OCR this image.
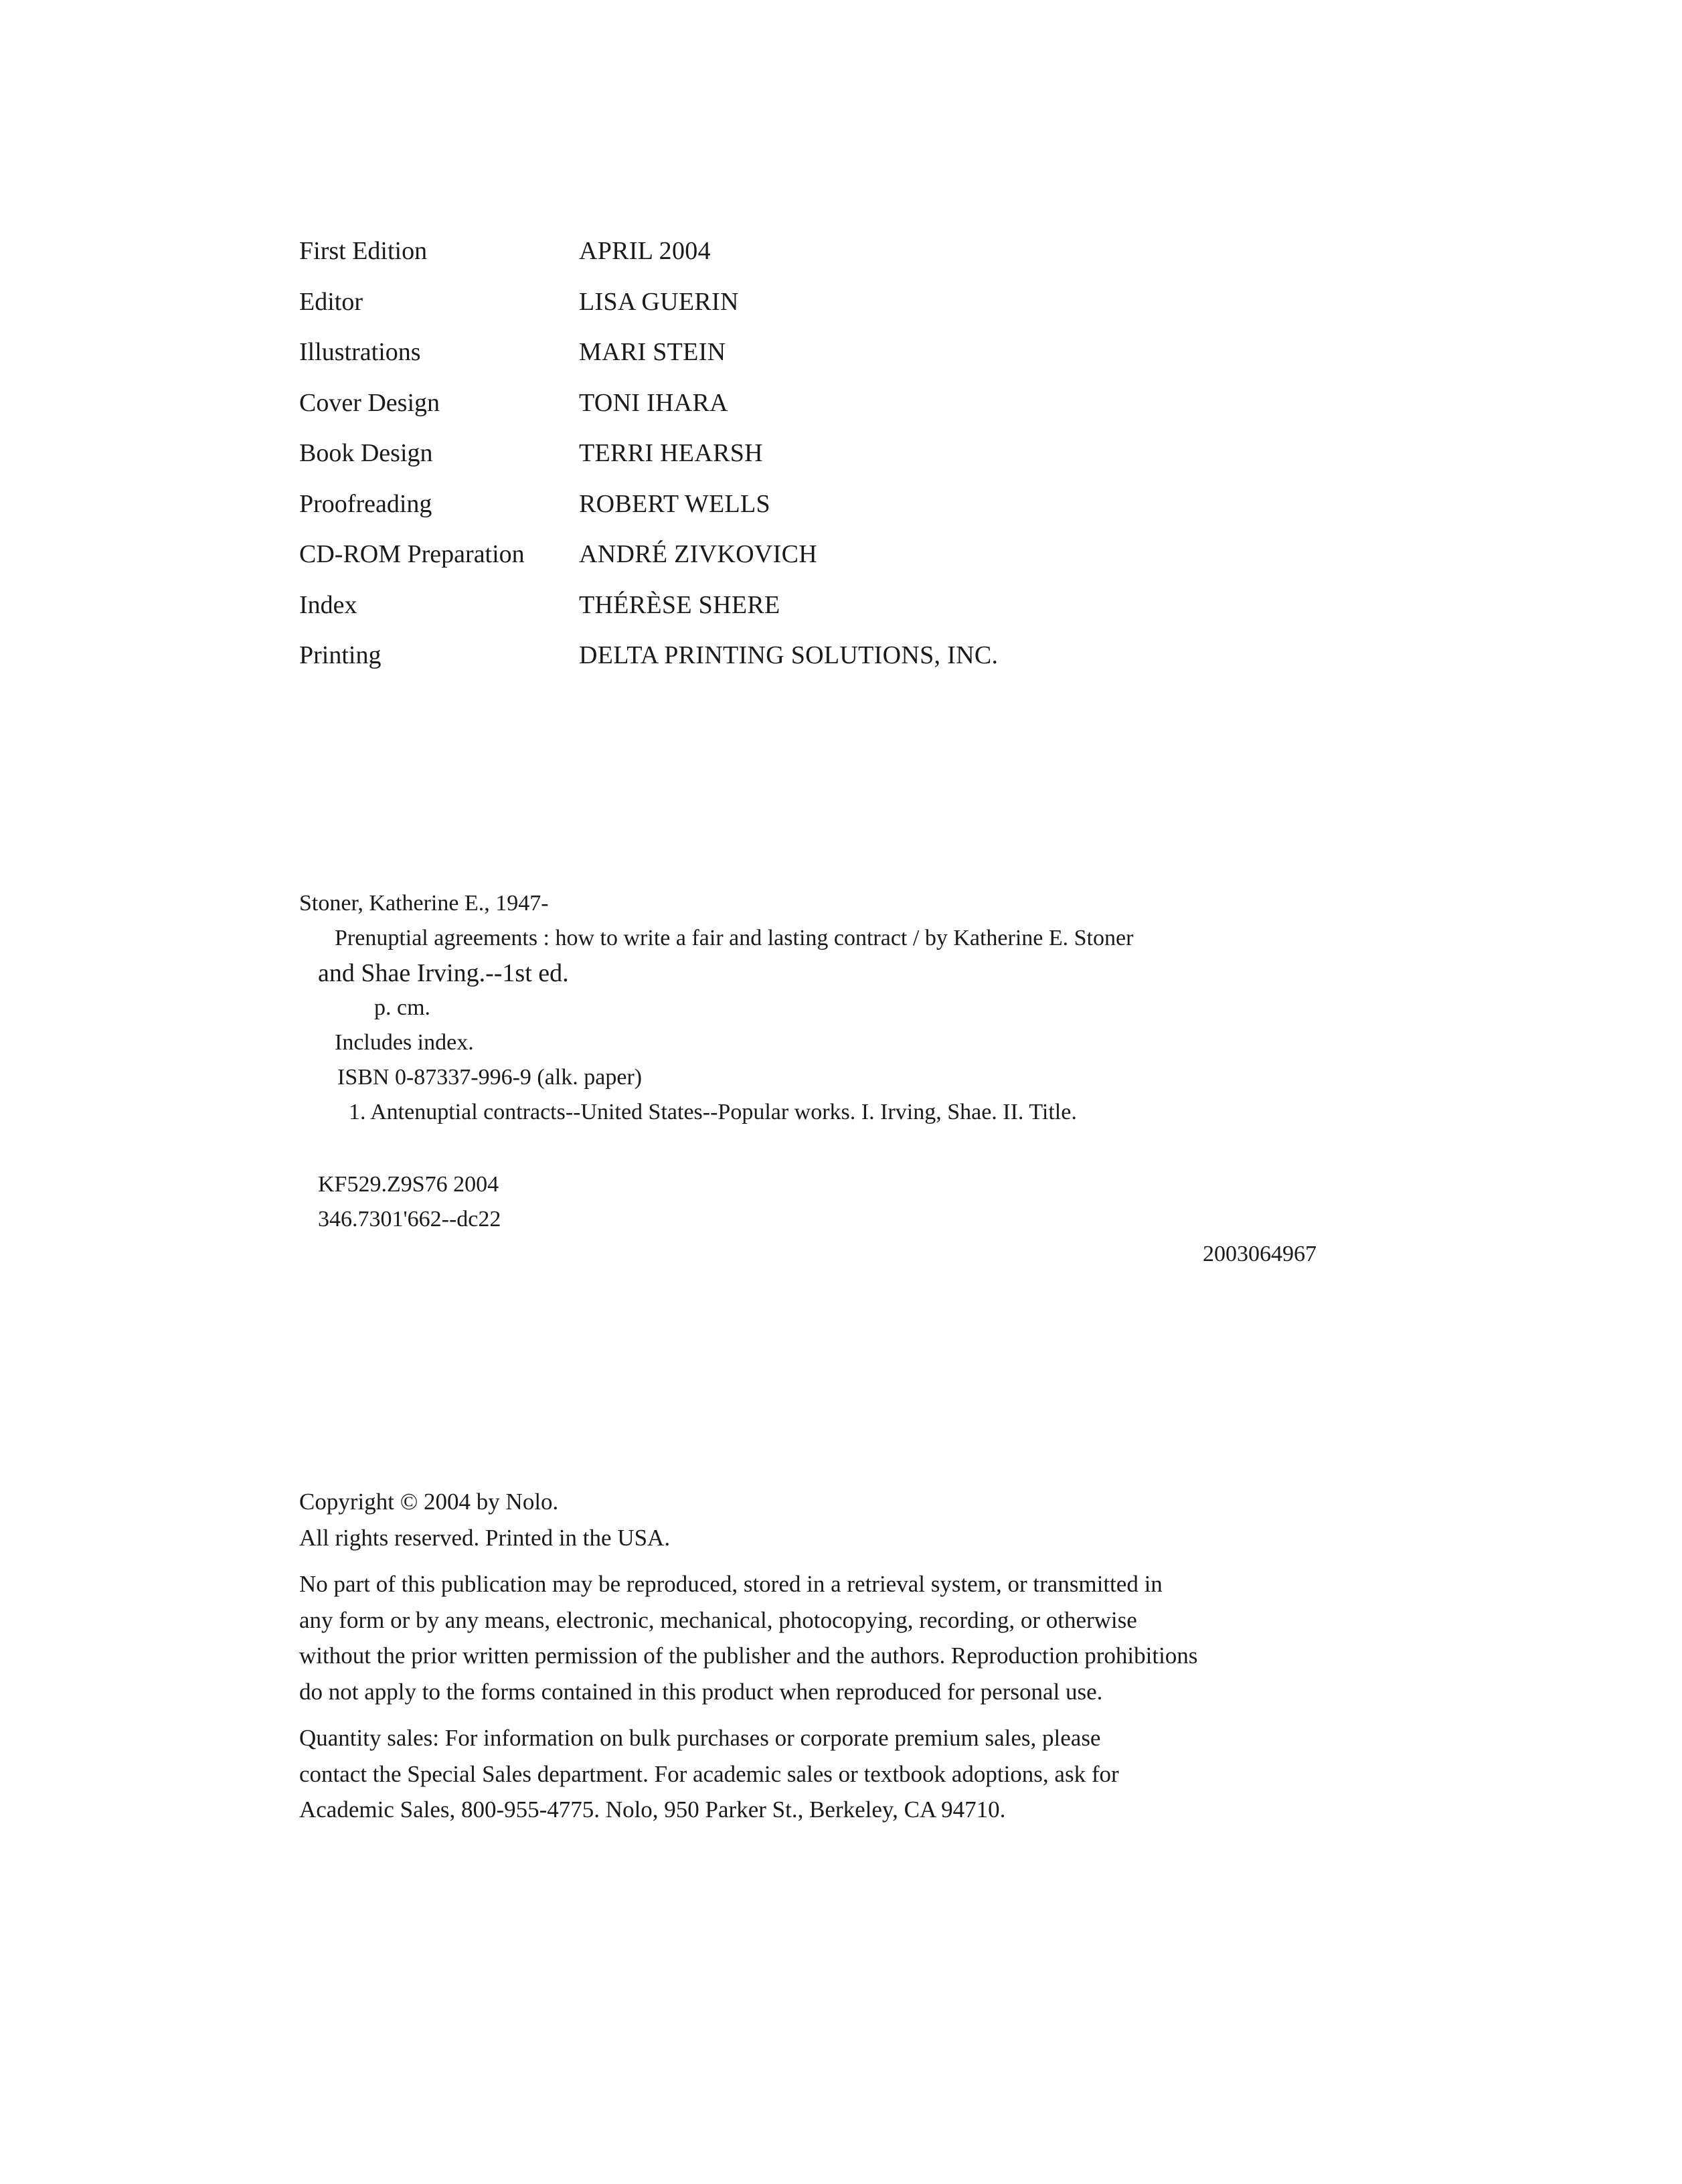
First Edition	APRIL 2004
Editor	LISA GUERIN
Illustrations	MARI STEIN
Cover Design	TONI IHARA
Book Design	TERRI HEARSH
Proofreading	ROBERT WELLS
CD-ROM Preparation	ANDRÉ ZIVKOVICH
Index	THÉRÈSE SHERE
Printing	DELTA PRINTING SOLUTIONS, INC.
Stoner, Katherine E., 1947-
Prenuptial agreements : how to write a fair and lasting contract / by Katherine E. Stoner
and Shae Irving.--1st ed.
p. cm.
Includes index.
ISBN 0-87337-996-9 (alk. paper)
1. Antenuptial contracts--United States--Popular works. I. Irving, Shae. II. Title.
KF529.Z9S76 2004
346.7301'662--dc22
2003064967

Copyright © 2004 by Nolo.

All rights reserved. Printed in the USA.

No part of this publication may be reproduced, stored in a retrieval system, or transmitted in

any form or by any means, electronic, mechanical, photocopying, recording, or otherwise

without the prior written permission of the publisher and the authors. Reproduction prohibitions

do not apply to the forms contained in this product when reproduced for personal use.

Quantity sales: For information on bulk purchases or corporate premium sales, please

contact the Special Sales department. For academic sales or textbook adoptions, ask for

Academic Sales, 800-955-4775. Nolo, 950 Parker St., Berkeley, CA 94710.
